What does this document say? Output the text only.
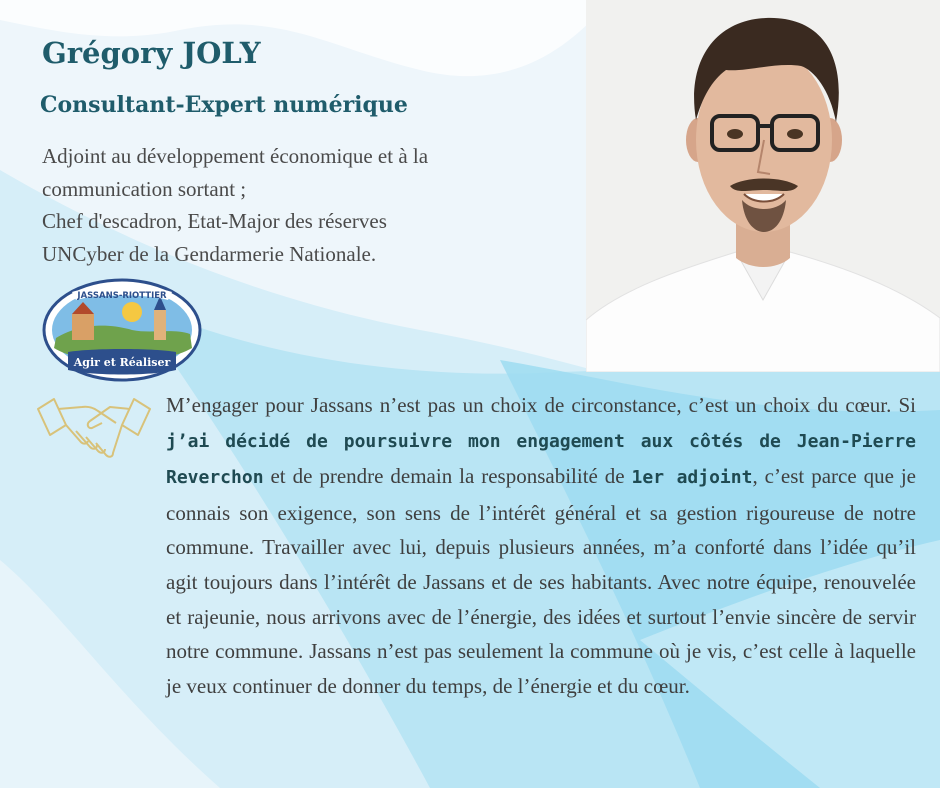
Grégory JOLY
Consultant-Expert numérique
Adjoint au développement économique et à la
communication sortant ;
Chef d'escadron, Etat-Major des réserves
UNCyber de la Gendarmerie Nationale.
Agir et Réaliser
JASSANS-RIOTTIER

M’engager pour Jassans n’est pas un choix de circonstance, c’est un choix du cœur. Si j’ai décidé de poursuivre mon engagement aux côtés de Jean-Pierre Reverchon et de prendre demain la responsabilité de 1er adjoint, c’est parce que je connais son exigence, son sens de l’intérêt général et sa gestion rigoureuse de notre commune. Travailler avec lui, depuis plusieurs années, m’a conforté dans l’idée qu’il agit toujours dans l’intérêt de Jassans et de ses habitants. Avec notre équipe, renouvelée et rajeunie, nous arrivons avec de l’énergie, des idées et surtout l’envie sincère de servir notre commune. Jassans n’est pas seulement la commune où je vis, c’est celle à laquelle je veux continuer de donner du temps, de l’énergie et du cœur.
